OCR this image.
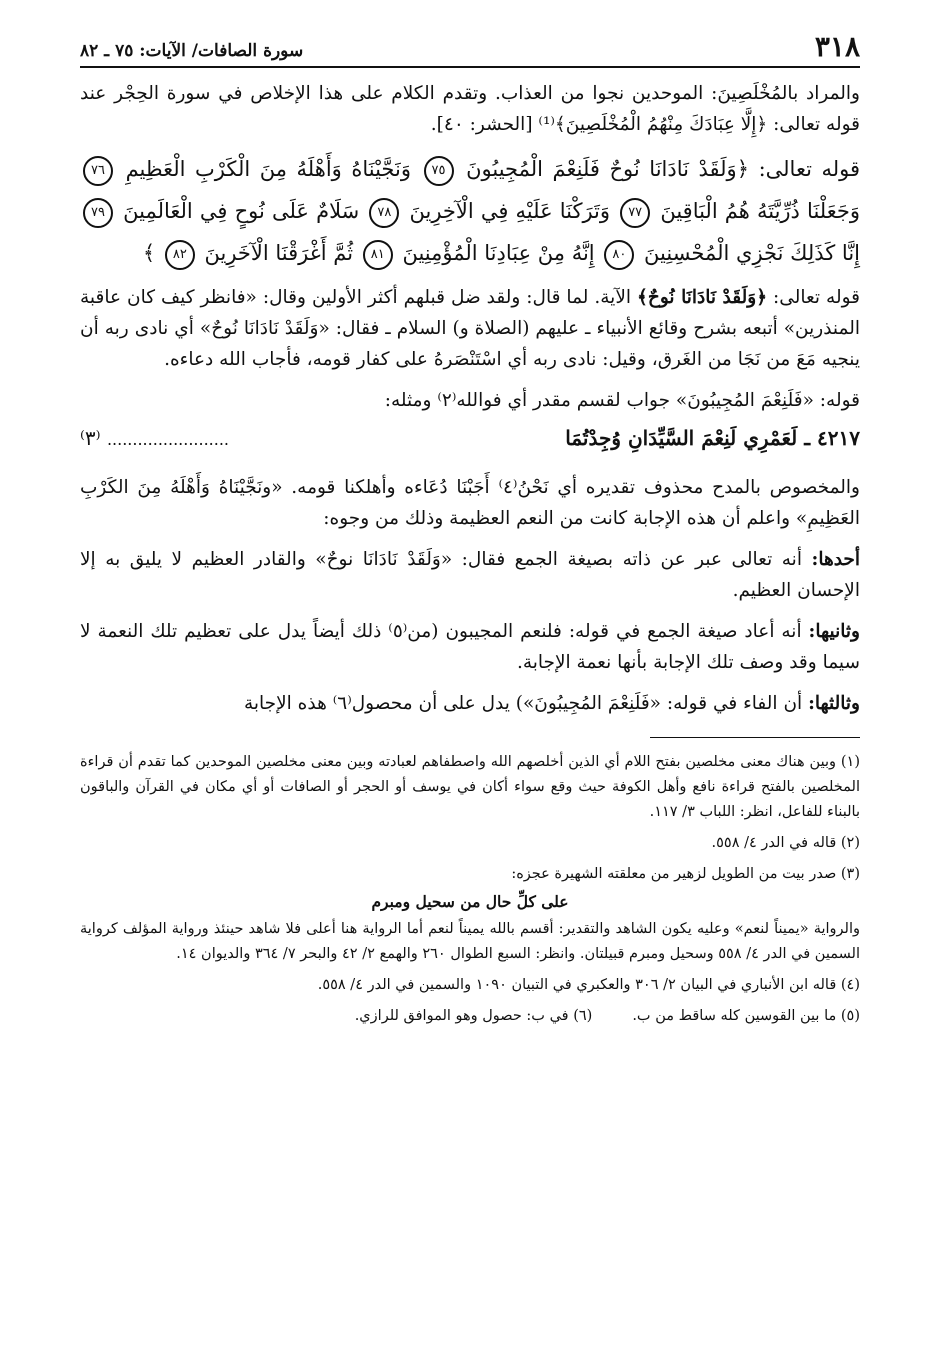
٣١٨
سورة الصافات/ الآيات: ٧٥ ـ ٨٢

والمراد بالمُخْلَصِينَ: الموحدين نجوا من العذاب. وتقدم الكلام على هذا الإخلاص في سورة الحِجْر عند قوله تعالى: ﴿إِلَّا عِبَادَكَ مِنْهُمُ الْمُخْلَصِينَ﴾⁽¹⁾ [الحشر: ٤٠].

قوله تعالى: ﴿وَلَقَدْ نَادَانَا نُوحٌ فَلَنِعْمَ الْمُجِيبُونَ ٧٥ وَنَجَّيْنَاهُ وَأَهْلَهُ مِنَ الْكَرْبِ الْعَظِيمِ ٧٦ وَجَعَلْنَا ذُرِّيَّتَهُ هُمُ الْبَاقِينَ ٧٧ وَتَرَكْنَا عَلَيْهِ فِي الْآخِرِينَ ٧٨ سَلَامٌ عَلَى نُوحٍ فِي الْعَالَمِينَ ٧٩ إِنَّا كَذَلِكَ نَجْزِي الْمُحْسِنِينَ ٨٠ إِنَّهُ مِنْ عِبَادِنَا الْمُؤْمِنِينَ ٨١ ثُمَّ أَغْرَقْنَا الْآخَرِينَ ٨٢ ﴾

قوله تعالى: ﴿وَلَقَدْ نَادَانَا نُوحٌ﴾ الآية. لما قال: ولقد ضل قبلهم أكثر الأولين وقال: «فانظر كيف كان عاقبة المنذرين» أتبعه بشرح وقائع الأنبياء ـ عليهم (الصلاة و) السلام ـ فقال: «وَلَقَدْ نَادَانَا نُوحٌ» أي نادى ربه أن ينجيه مَعَ من نَجَا من الغَرق، وقيل: نادى ربه أي اسْتَنْصَرهُ على كفار قومه، فأجاب الله دعاءه.

قوله: «فَلَنِعْمَ المُجِيبُونَ» جواب لقسم مقدر أي فوالله⁽٢⁾ ومثله:

٤٢١٧ ـ لَعَمْرِي لَنِعْمَ السَّيِّدَانِ وُجِدْتُمَا
........................ ⁽٣⁾

والمخصوص بالمدح محذوف تقديره أي نَحْنُ⁽٤⁾ أَجَبْنَا دُعَاءه وأهلكنا قومه. «ونَجَّيْنَاهُ وَأَهْلَهُ مِنَ الكَرْبِ العَظِيمِ» واعلم أن هذه الإجابة كانت من النعم العظيمة وذلك من وجوه:

أحدها: أنه تعالى عبر عن ذاته بصيغة الجمع فقال: «وَلَقَدْ نَادَانَا نوحٌ» والقادر العظيم لا يليق به إلا الإحسان العظيم.

وثانيها: أنه أعاد صيغة الجمع في قوله: فلنعم المجيبون (من⁽٥⁾ ذلك أيضاً يدل على تعظيم تلك النعمة لا سيما وقد وصف تلك الإجابة بأنها نعمة الإجابة.

وثالثها: أن الفاء في قوله: «فَلَنِعْمَ المُجِيبُونَ») يدل على أن محصول⁽٦⁾ هذه الإجابة

(١) وبين هناك معنى مخلصين بفتح اللام أي الذين أخلصهم الله واصطفاهم لعبادته وبين معنى مخلصين الموحدين كما تقدم أن قراءة المخلصين بالفتح قراءة نافع وأهل الكوفة حيث وقع سواء أكان في يوسف أو الحجر أو الصافات أو أي مكان في القرآن والباقون بالبناء للفاعل، انظر: اللباب ٣/ ١١٧.

(٢) قاله في الدر ٤/ ٥٥٨.

(٣) صدر بيت من الطويل لزهير من معلقته الشهيرة عجزه:

على كلِّ حال من سحيل ومبرم

والرواية «يميناً لنعم» وعليه يكون الشاهد والتقدير: أقسم بالله يميناً لنعم أما الرواية هنا أعلى فلا شاهد حينئذ ورواية المؤلف كرواية السمين في الدر ٤/ ٥٥٨ وسحيل ومبرم قبيلتان. وانظر: السبع الطوال ٢٦٠ والهمع ٢/ ٤٢ والبحر ٧/ ٣٦٤ والديوان ١٤.

(٤) قاله ابن الأنباري في البيان ٢/ ٣٠٦ والعكبري في التبيان ١٠٩٠ والسمين في الدر ٤/ ٥٥٨.

(٥) ما بين القوسين كله ساقط من ب.
(٦) في ب: حصول وهو الموافق للرازي.
